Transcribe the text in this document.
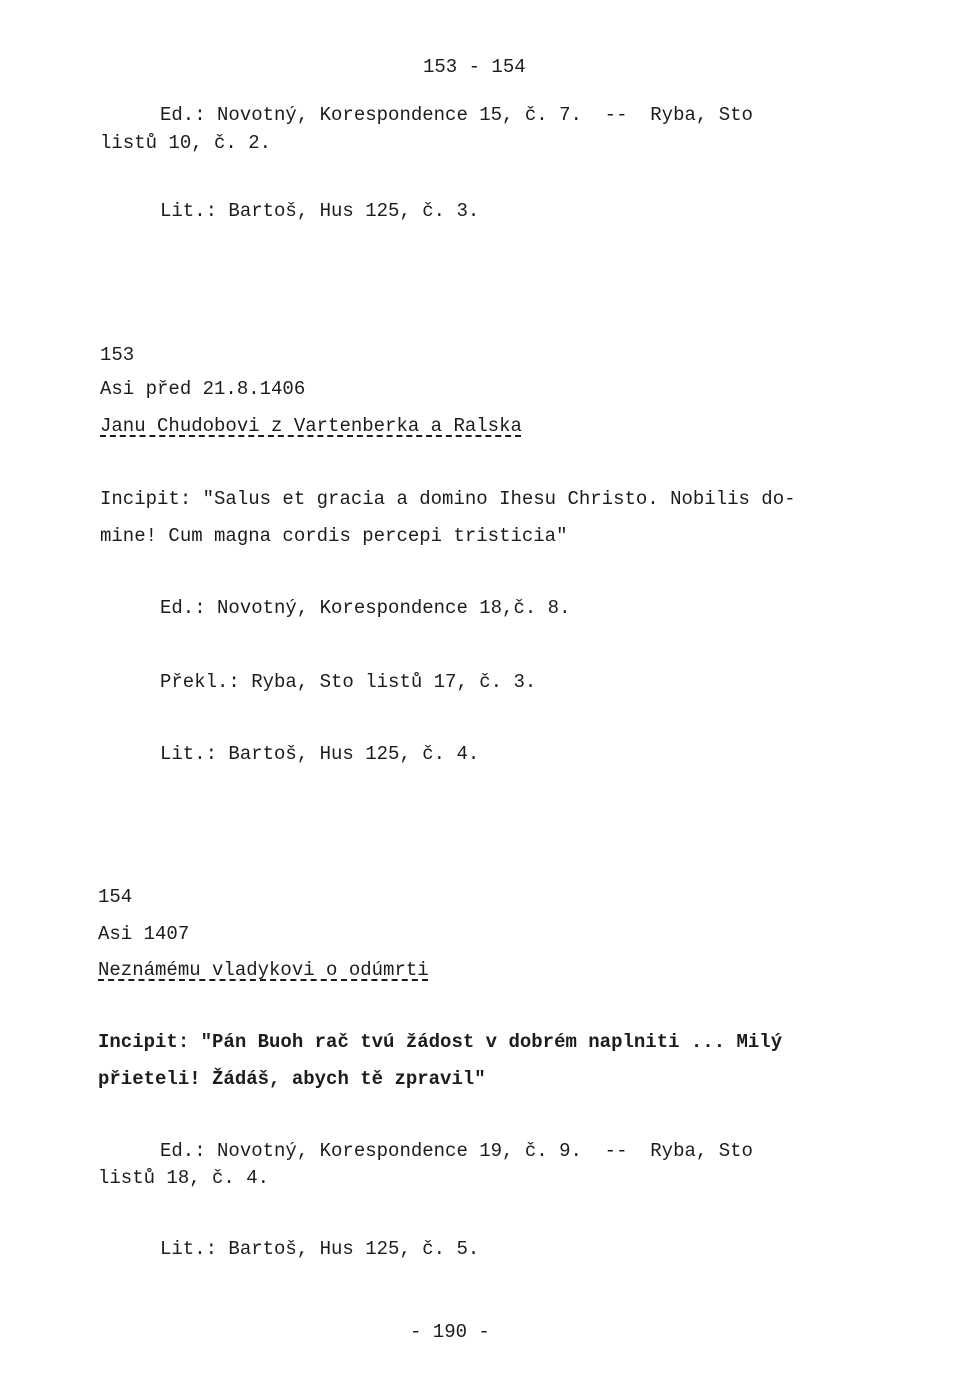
153 - 154
Ed.: Novotný, Korespondence 15, č. 7.  --  Ryba, Sto
listů 10, č. 2.
Lit.: Bartoš, Hus 125, č. 3.
153
Asi před 21.8.1406
Janu Chudobovi z Vartenberka a Ralska
Incipit: "Salus et gracia a domino Ihesu Christo. Nobilis do-
mine! Cum magna cordis percepi tristicia"
Ed.: Novotný, Korespondence 18,č. 8.
Překl.: Ryba, Sto listů 17, č. 3.
Lit.: Bartoš, Hus 125, č. 4.
154
Asi 1407
Neznámému vladykovi o odúmrti
Incipit: "Pán Buoh rač tvú žádost v dobrém naplniti ... Milý
přieteli! Žádáš, abych tě zpravil"
Ed.: Novotný, Korespondence 19, č. 9.  --  Ryba, Sto
listů 18, č. 4.
Lit.: Bartoš, Hus 125, č. 5.
- 190 -
